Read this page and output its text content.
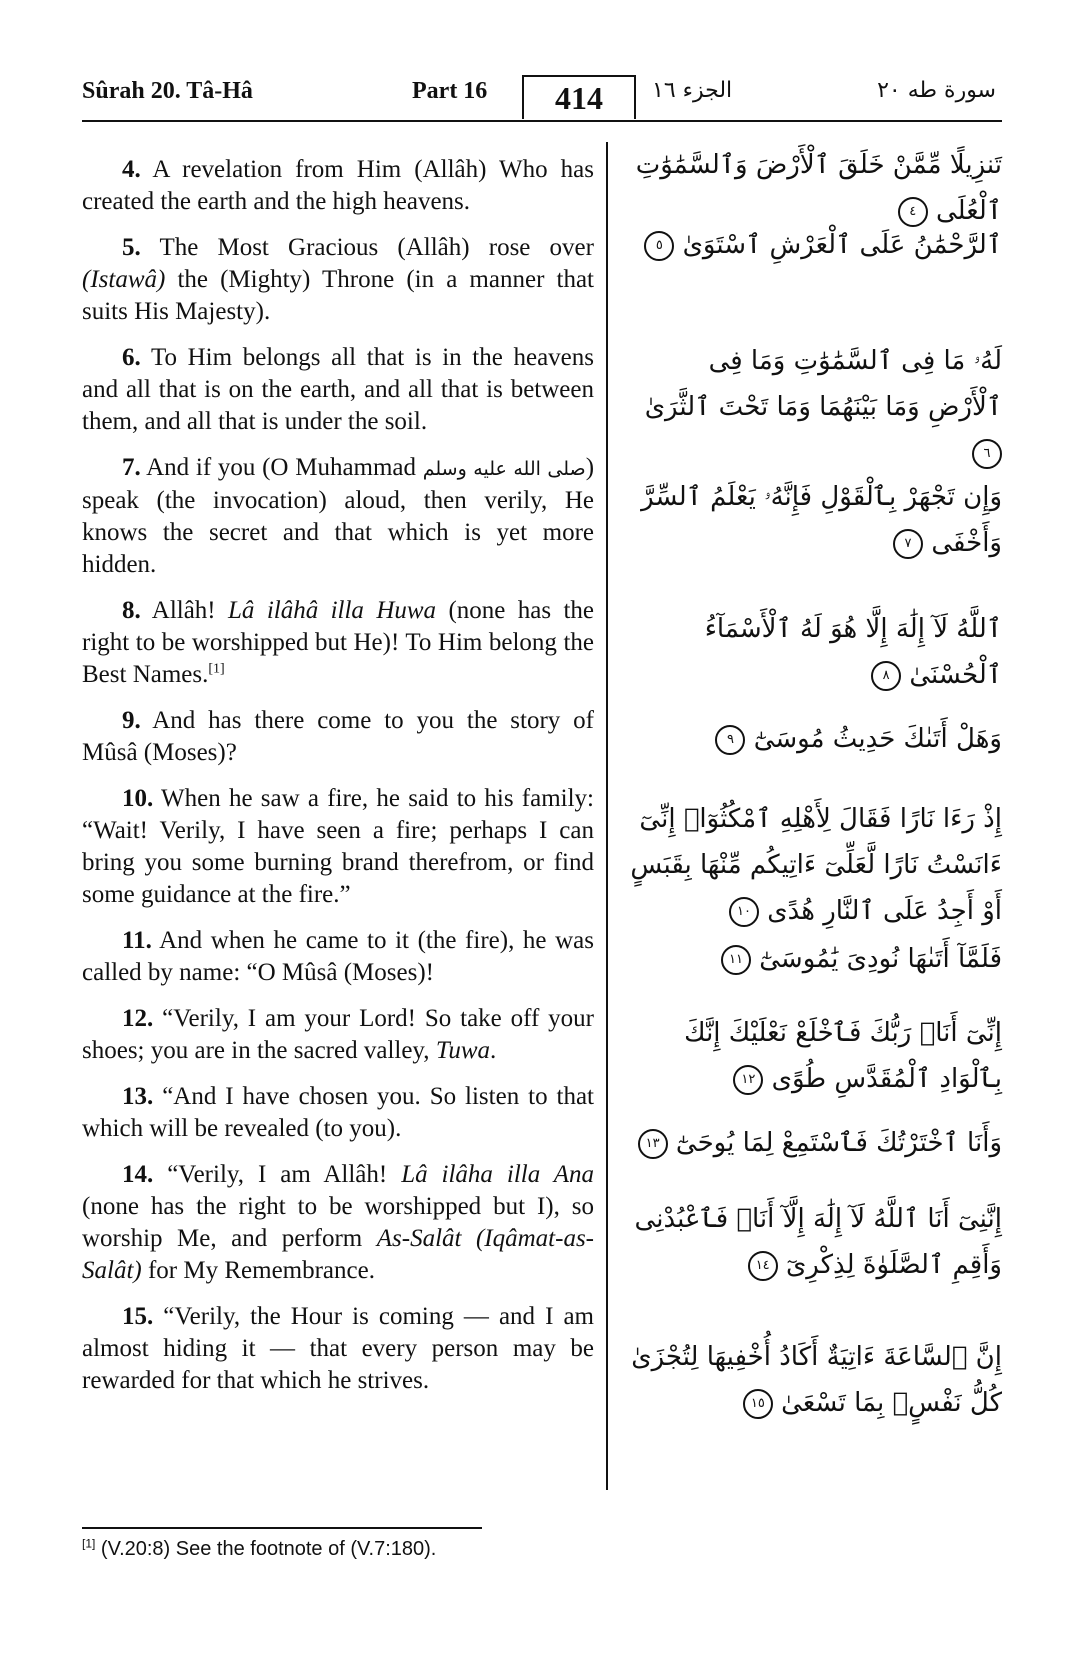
Sûrah 20. Tâ-Hâ	Part 16	414	الجزء ١٦	سورة طه ٢٠

4. A revelation from Him (Allâh) Who has created the earth and the high heavens.

5. The Most Gracious (Allâh) rose over (Istawâ) the (Mighty) Throne (in a manner that suits His Majesty).

6. To Him belongs all that is in the heavens and all that is on the earth, and all that is between them, and all that is under the soil.

7. And if you (O Muhammad صلى الله عليه وسلم) speak (the invocation) aloud, then verily, He knows the secret and that which is yet more hidden.

8. Allâh! Lâ ilâhâ illa Huwa (none has the right to be worshipped but He)! To Him belong the Best Names.[1]

9. And has there come to you the story of Mûsâ (Moses)?

10. When he saw a fire, he said to his family: “Wait! Verily, I have seen a fire; perhaps I can bring you some burning brand therefrom, or find some guidance at the fire.”

11. And when he came to it (the fire), he was called by name: “O Mûsâ (Moses)!

12. “Verily, I am your Lord! So take off your shoes; you are in the sacred valley, Tuwa.

13. “And I have chosen you. So listen to that which will be revealed (to you).

14. “Verily, I am Allâh! Lâ ilâha illa Ana (none has the right to be worshipped but I), so worship Me, and perform As-Salât (Iqâmat-as-Salât) for My Remembrance.

15. “Verily, the Hour is coming — and I am almost hiding it — that every person may be rewarded for that which he strives.

تَنزِيلًا مِّمَّنْ خَلَقَ ٱلْأَرْضَ وَٱلسَّمَٰوَٰتِ ٱلْعُلَى ٤
ٱلرَّحْمَٰنُ عَلَى ٱلْعَرْشِ ٱسْتَوَىٰ ٥
لَهُۥ مَا فِى ٱلسَّمَٰوَٰتِ وَمَا فِى ٱلْأَرْضِ وَمَا بَيْنَهُمَا وَمَا تَحْتَ ٱلثَّرَىٰ ٦
وَإِن تَجْهَرْ بِٱلْقَوْلِ فَإِنَّهُۥ يَعْلَمُ ٱلسِّرَّ وَأَخْفَى ٧
ٱللَّهُ لَآ إِلَٰهَ إِلَّا هُوَ لَهُ ٱلْأَسْمَآءُ ٱلْحُسْنَىٰ ٨
وَهَلْ أَتَىٰكَ حَدِيثُ مُوسَىٰٓ ٩
إِذْ رَءَا نَارًا فَقَالَ لِأَهْلِهِ ٱمْكُثُوٓا۟ إِنِّىٓ ءَانَسْتُ نَارًا لَّعَلِّىٓ ءَاتِيكُم مِّنْهَا بِقَبَسٍ أَوْ أَجِدُ عَلَى ٱلنَّارِ هُدًى ١٠
فَلَمَّآ أَتَىٰهَا نُودِىَ يَٰمُوسَىٰٓ ١١
إِنِّىٓ أَنَا۠ رَبُّكَ فَٱخْلَعْ نَعْلَيْكَ إِنَّكَ بِٱلْوَادِ ٱلْمُقَدَّسِ طُوًى ١٢
وَأَنَا ٱخْتَرْتُكَ فَٱسْتَمِعْ لِمَا يُوحَىٰٓ ١٣
إِنَّنِىٓ أَنَا ٱللَّهُ لَآ إِلَٰهَ إِلَّآ أَنَا۠ فَٱعْبُدْنِى وَأَقِمِ ٱلصَّلَوٰةَ لِذِكْرِىٓ ١٤
إِنَّ ٱلسَّاعَةَ ءَاتِيَةٌ أَكَادُ أُخْفِيهَا لِتُجْزَىٰ كُلُّ نَفْسٍۭ بِمَا تَسْعَىٰ ١٥
[1] (V.20:8) See the footnote of (V.7:180).
